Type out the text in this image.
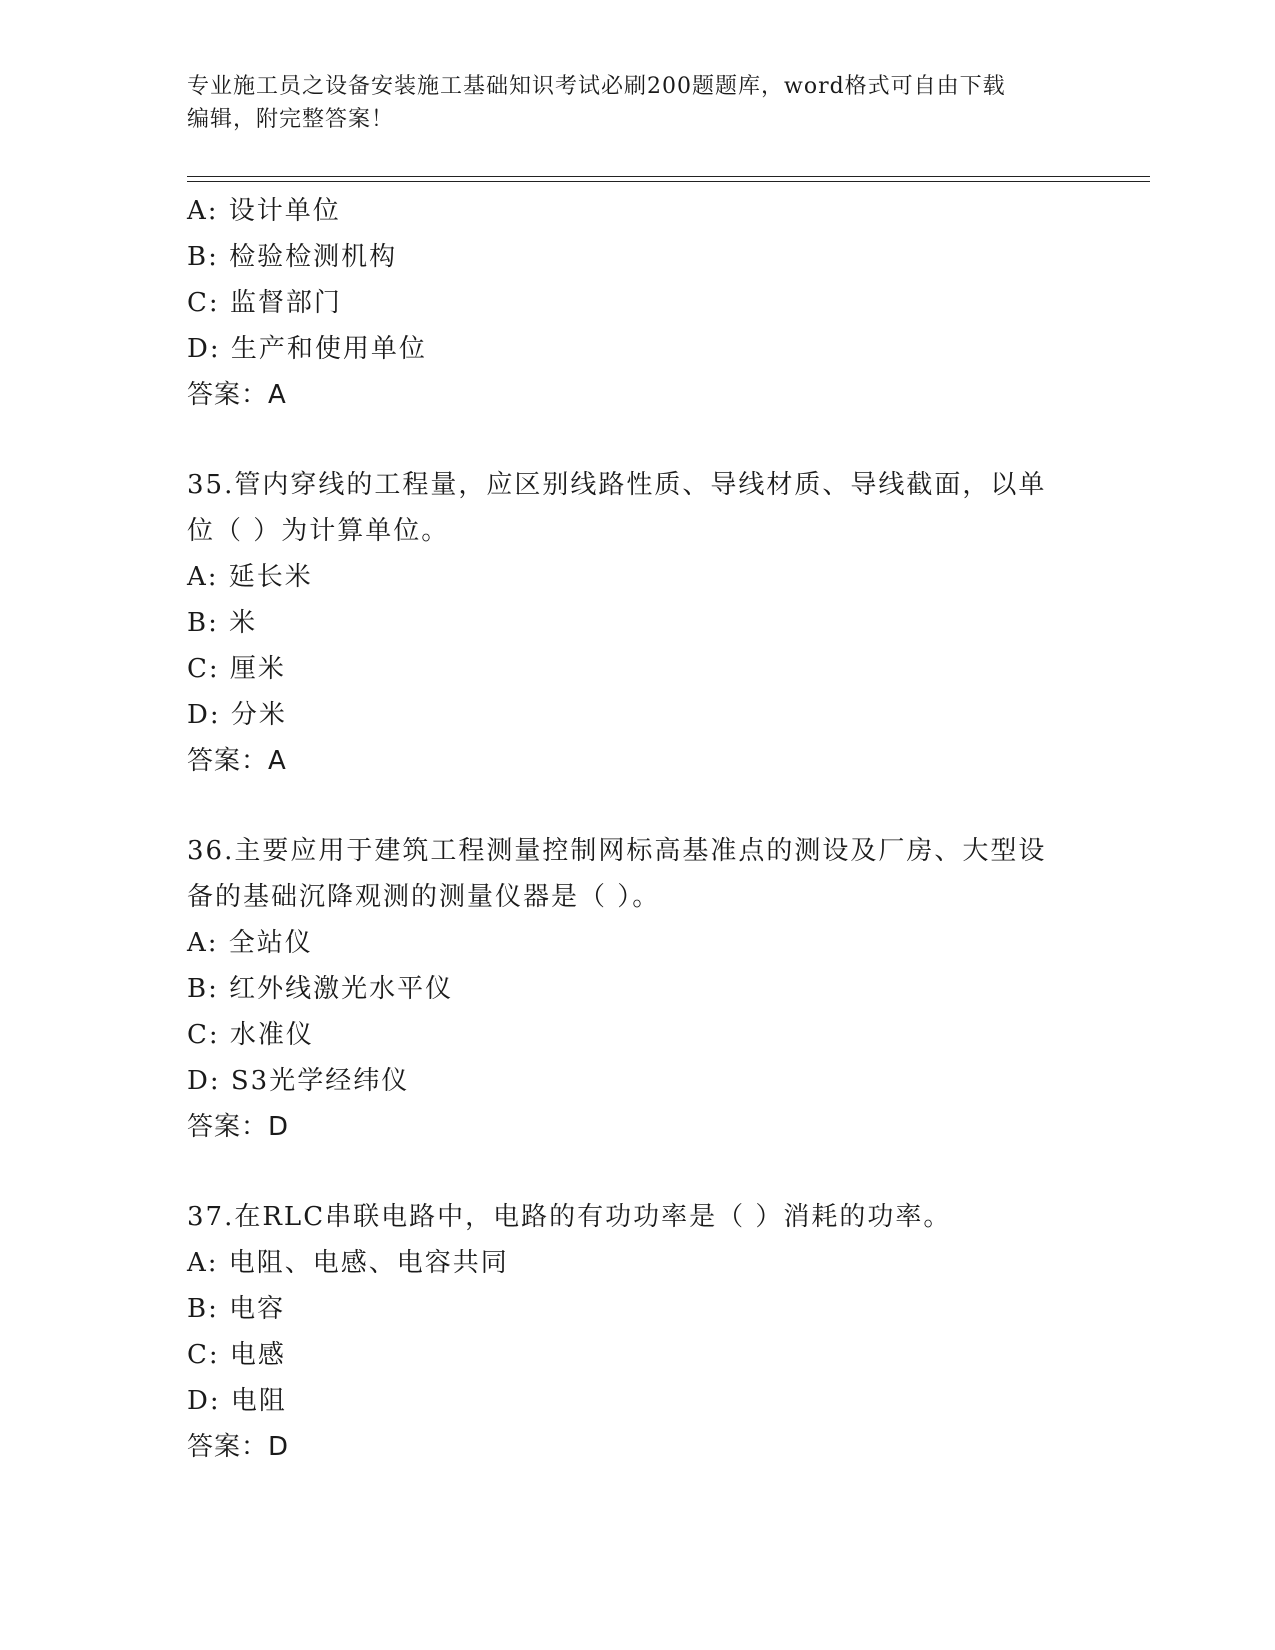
专业施工员之设备安装施工基础知识考试必刷200题题库，word格式可自由下载
编辑，附完整答案！
A: 设计单位
B: 检验检测机构
C: 监督部门
D: 生产和使用单位
答案：A
35.管内穿线的工程量，应区别线路性质、导线材质、导线截面，以单
位（ ）为计算单位。
A: 延长米
B: 米
C: 厘米
D: 分米
答案：A
36.主要应用于建筑工程测量控制网标高基准点的测设及厂房、大型设
备的基础沉降观测的测量仪器是（ ）。
A: 全站仪
B: 红外线激光水平仪
C: 水准仪
D: S3光学经纬仪
答案：D
37.在RLC串联电路中，电路的有功功率是（ ）消耗的功率。
A: 电阻、电感、电容共同
B: 电容
C: 电感
D: 电阻
答案：D
